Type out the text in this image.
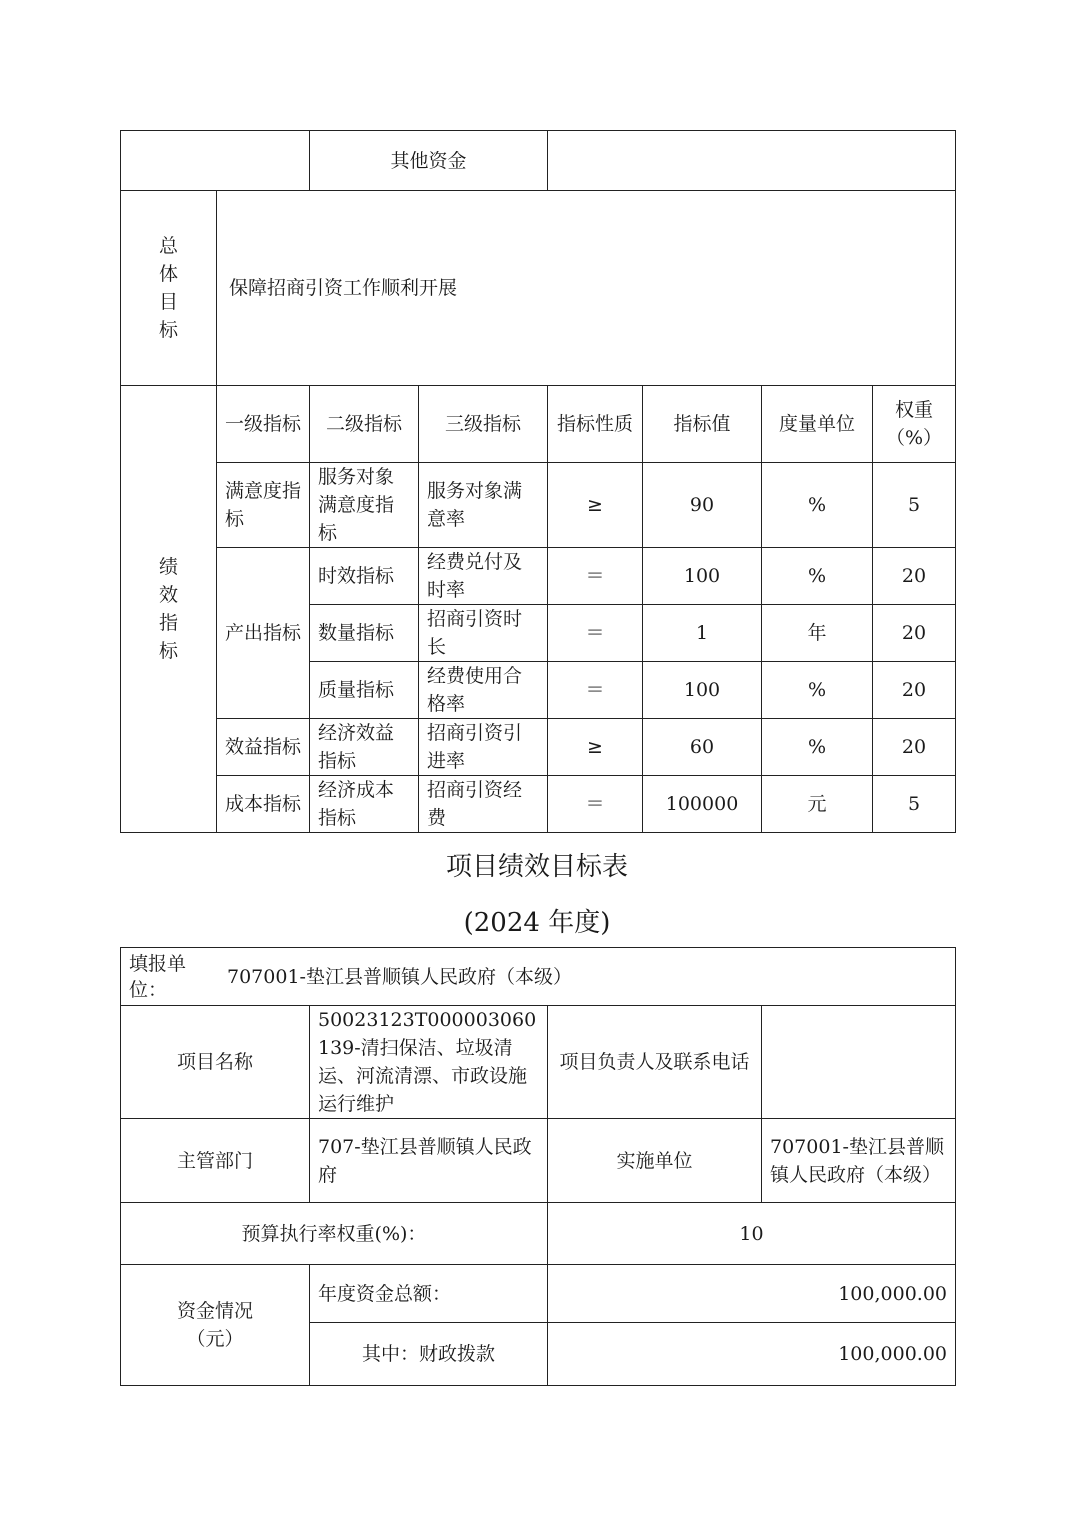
		其他资金					
总
体
目
标	保障招商引资工作顺利开展						
绩
效
指
标	一级指标	二级指标	三级指标	指标性质	指标值	度量单位	权重（%）
	满意度指标	服务对象满意度指标	服务对象满意率	≥	90	%	5
	产出指标	时效指标	经费兑付及时率	＝	100	%	20
		数量指标	招商引资时长	＝	1	年	20
		质量指标	经费使用合格率	＝	100	%	20
	效益指标	经济效益指标	招商引资引进率	≥	60	%	20
	成本指标	经济成本指标	招商引资经费	＝	100000	元	5
项目绩效目标表
(2024 年度)
填报单位：
707001-垫江县普顺镇人民政府（本级）			

项目名称	50023123T000003060139-清扫保洁、垃圾清运、河流清漂、市政设施运行维护	项目负责人及联系电话	
主管部门	707-垫江县普顺镇人民政府	实施单位	707001-垫江县普顺镇人民政府（本级）
预算执行率权重(%)：		10	

资金情况（元）	年度资金总额：	100,000.00	
	其中：财政拨款	100,000.00	
